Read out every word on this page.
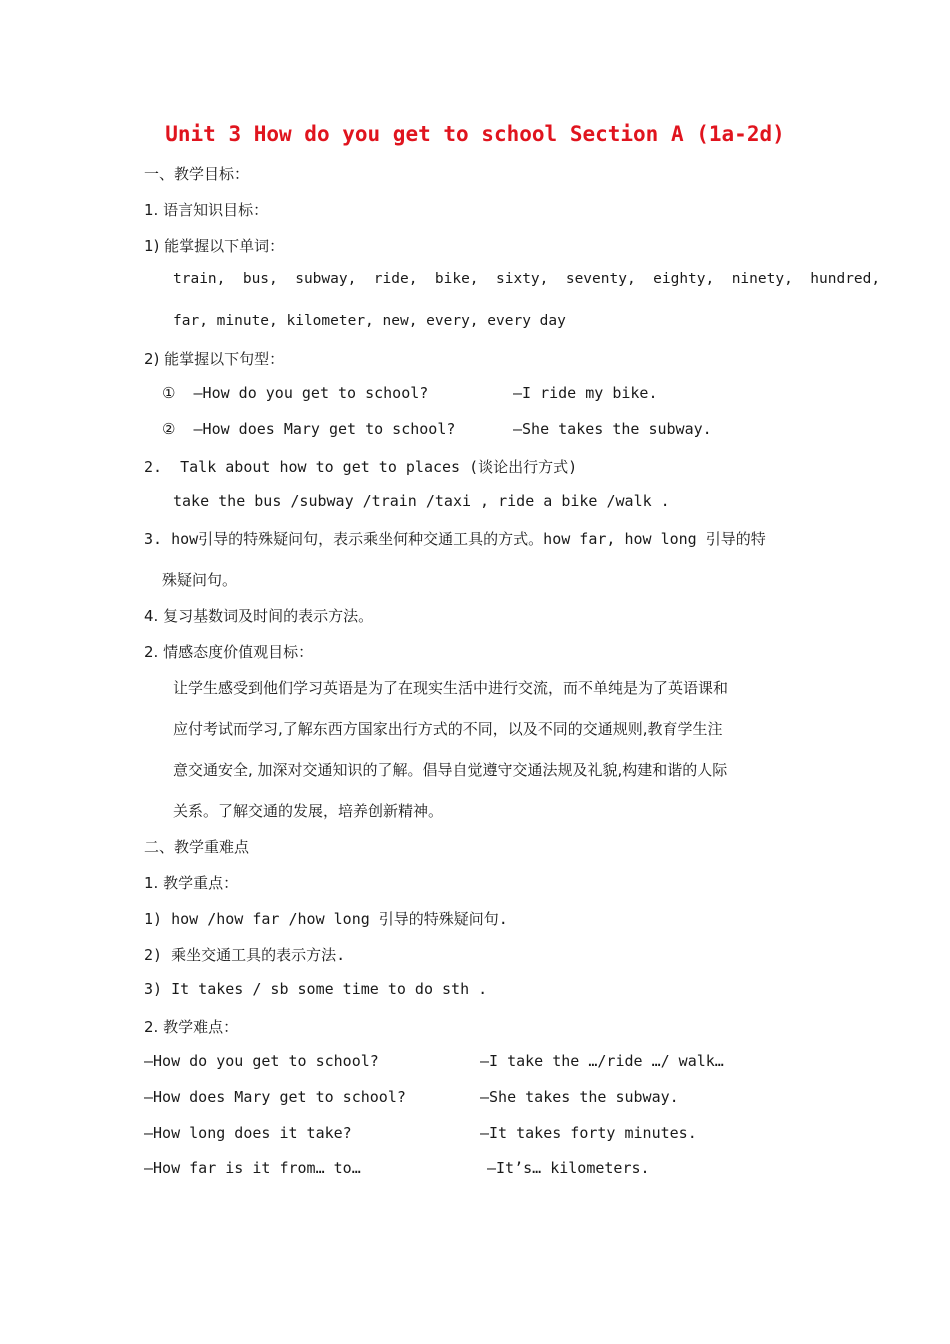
Unit 3 How do you get to school Section A (1a-2d)
一、教学目标：
1. 语言知识目标：
1) 能掌握以下单词：
train,  bus,  subway,  ride,  bike,  sixty,  seventy,  eighty,  ninety,  hundred,
far, minute, kilometer, new, every, every day
2) 能掌握以下句型：
①  —How do you get to school?	—I ride my bike.
②  —How does Mary get to school?	—She takes the subway.
2.  Talk about how to get to places (谈论出行方式)
take the bus /subway /train /taxi , ride a bike /walk .
3. how引导的特殊疑问句，表示乘坐何种交通工具的方式。how far, how long 引导的特
殊疑问句。
4. 复习基数词及时间的表示方法。
2. 情感态度价值观目标：
让学生感受到他们学习英语是为了在现实生活中进行交流，而不单纯是为了英语课和
应付考试而学习,了解东西方国家出行方式的不同，以及不同的交通规则,教育学生注
意交通安全, 加深对交通知识的了解。倡导自觉遵守交通法规及礼貌,构建和谐的人际
关系。了解交通的发展，培养创新精神。
二、教学重难点
1. 教学重点：
1) how /how far /how long 引导的特殊疑问句.
2) 乘坐交通工具的表示方法.
3) It takes / sb some time to do sth .
2. 教学难点：
—How do you get to school?	—I take the …/ride …/ walk…
—How does Mary get to school?	—She takes the subway.
—How long does it take?	—It takes forty minutes.
—How far is it from… to…	—It’s… kilometers.
